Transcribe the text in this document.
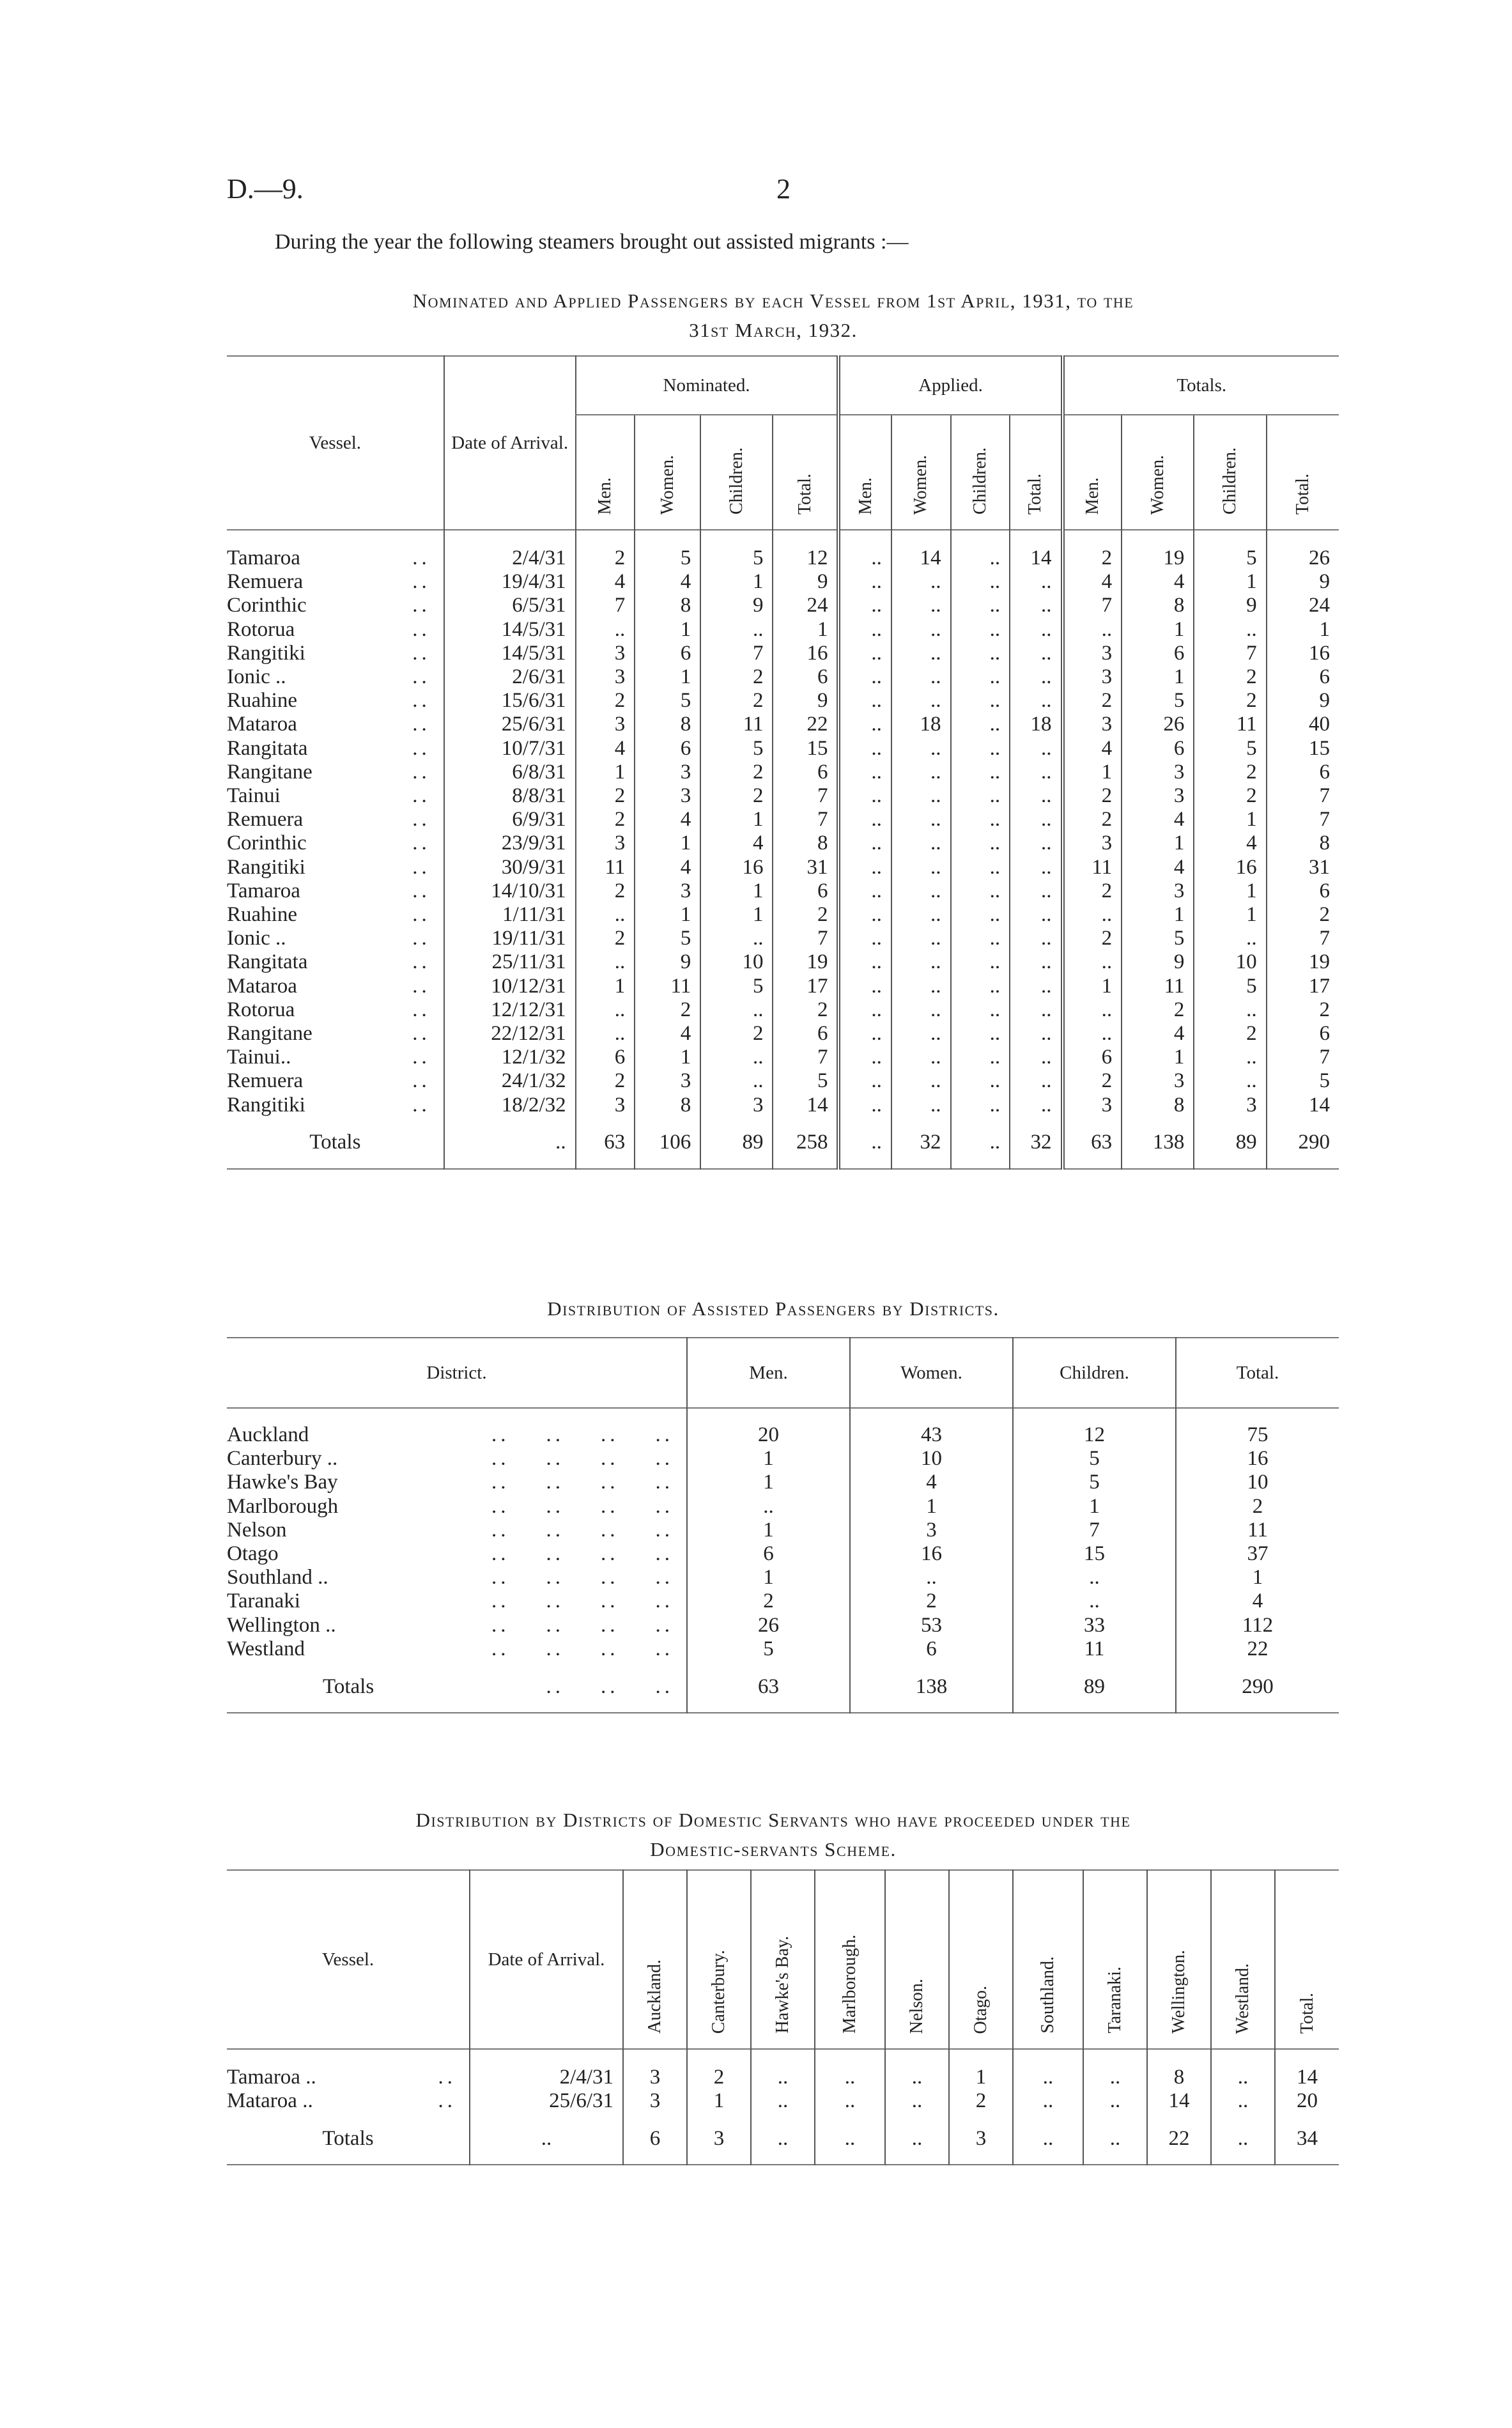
D.—9.	2
During the year the following steamers brought out assisted migrants :—
Nominated and Applied Passengers by each Vessel from 1st April, 1931, to the
31st March, 1932.
Vessel.	Date of Arrival.	Nominated.				Applied.				Totals.			
		Men.	Women.	Children.	Total.	Men.	Women.	Children.	Total.	Men.	Women.	Children.	Total.

Tamaroa ..	2/4/31	2	5	5	12	..	14	..	14	2	19	5	26
Remuera ..	19/4/31	4	4	1	9	..	..	..	..	4	4	1	9
Corinthic ..	6/5/31	7	8	9	24	..	..	..	..	7	8	9	24
Rotorua ..	14/5/31	..	1	..	1	..	..	..	..	..	1	..	1
Rangitiki ..	14/5/31	3	6	7	16	..	..	..	..	3	6	7	16
Ionic .. ..	2/6/31	3	1	2	6	..	..	..	..	3	1	2	6
Ruahine ..	15/6/31	2	5	2	9	..	..	..	..	2	5	2	9
Mataroa ..	25/6/31	3	8	11	22	..	18	..	18	3	26	11	40
Rangitata ..	10/7/31	4	6	5	15	..	..	..	..	4	6	5	15
Rangitane ..	6/8/31	1	3	2	6	..	..	..	..	1	3	2	6
Tainui ..	8/8/31	2	3	2	7	..	..	..	..	2	3	2	7
Remuera ..	6/9/31	2	4	1	7	..	..	..	..	2	4	1	7
Corinthic ..	23/9/31	3	1	4	8	..	..	..	..	3	1	4	8
Rangitiki ..	30/9/31	11	4	16	31	..	..	..	..	11	4	16	31
Tamaroa ..	14/10/31	2	3	1	6	..	..	..	..	2	3	1	6
Ruahine ..	1/11/31	..	1	1	2	..	..	..	..	..	1	1	2
Ionic .. ..	19/11/31	2	5	..	7	..	..	..	..	2	5	..	7
Rangitata ..	25/11/31	..	9	10	19	..	..	..	..	..	9	10	19
Mataroa ..	10/12/31	1	11	5	17	..	..	..	..	1	11	5	17
Rotorua ..	12/12/31	..	2	..	2	..	..	..	..	..	2	..	2
Rangitane ..	22/12/31	..	4	2	6	..	..	..	..	..	4	2	6
Tainui.. ..	12/1/32	6	1	..	7	..	..	..	..	6	1	..	7
Remuera ..	24/1/32	2	3	..	5	..	..	..	..	2	3	..	5
Rangitiki ..	18/2/32	3	8	3	14	..	..	..	..	3	8	3	14
Totals	..	63	106	89	258	..	32	..	32	63	138	89	290
Distribution of Assisted Passengers by Districts.
District.	Men.	Women.	Children.	Total.

Auckland ..    ..    ..    ..	20	43	12	75
Canterbury .. ..    ..    ..    ..	1	10	5	16
Hawke's Bay ..    ..    ..    ..	1	4	5	10
Marlborough ..    ..    ..    ..	..	1	1	2
Nelson ..    ..    ..    ..	1	3	7	11
Otago ..    ..    ..    ..	6	16	15	37
Southland .. ..    ..    ..    ..	1	..	..	1
Taranaki ..    ..    ..    ..	2	2	..	4
Wellington .. ..    ..    ..    ..	26	53	33	112
Westland ..    ..    ..    ..	5	6	11	22
Totals ..    ..    ..	63	138	89	290
Distribution by Districts of Domestic Servants who have proceeded under the
Domestic-servants Scheme.
Vessel.	Date of Arrival.	Auckland.	Canterbury.	Hawke's Bay.	Marlborough.	Nelson.	Otago.	Southland.	Taranaki.	Wellington.	Westland.	Total.

Tamaroa .. ..	2/4/31	3	2	..	..	..	1	..	..	8	..	14
Mataroa .. ..	25/6/31	3	1	..	..	..	2	..	..	14	..	20
Totals	..	6	3	..	..	..	3	..	..	22	..	34
